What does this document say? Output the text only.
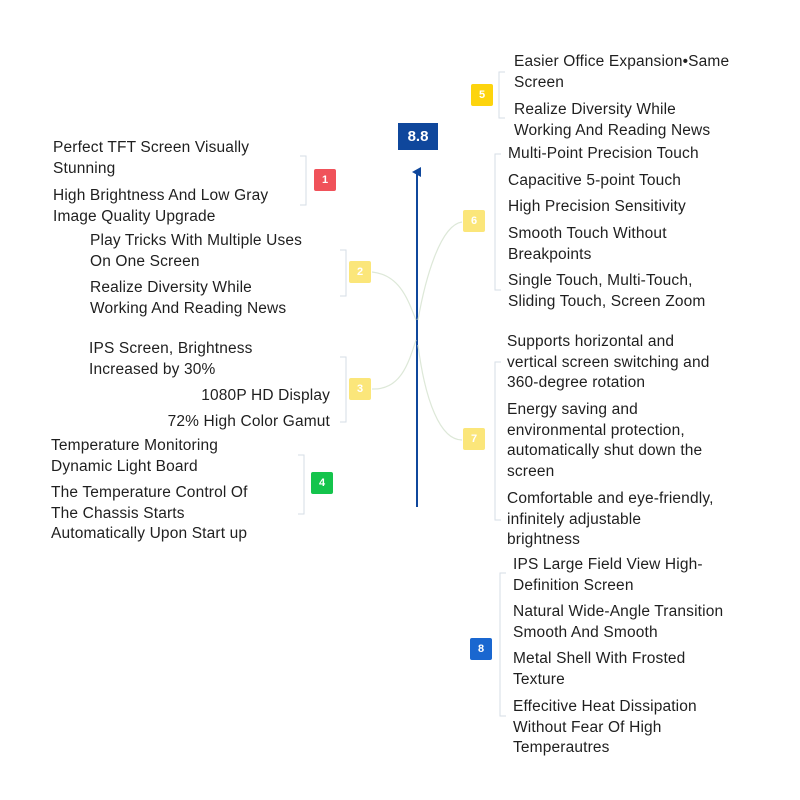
8.8
1
2
3
4
5
6
7
8
Perfect TFT Screen Visually
Stunning
High Brightness And Low Gray
Image Quality Upgrade
Play Tricks With Multiple Uses
On One Screen
Realize Diversity While
Working And Reading News
IPS Screen, Brightness
Increased by 30%
1080P HD Display
72% High Color Gamut
Temperature Monitoring
Dynamic Light Board
The Temperature Control Of
The Chassis Starts
Automatically Upon Start up
Easier Office Expansion•Same
Screen
Realize Diversity While
Working And Reading News
Multi-Point Precision Touch
Capacitive 5-point Touch
High Precision Sensitivity
Smooth Touch Without
Breakpoints
Single Touch, Multi-Touch,
Sliding Touch, Screen Zoom
Supports horizontal and
vertical screen switching and
360-degree rotation
Energy saving and
environmental protection,
automatically shut down the
screen
Comfortable and eye-friendly,
infinitely adjustable
brightness
IPS Large Field View High-
Definition Screen
Natural Wide-Angle Transition
Smooth And Smooth
Metal Shell With Frosted
Texture
Effecitive Heat Dissipation
Without Fear Of High
Temperautres
